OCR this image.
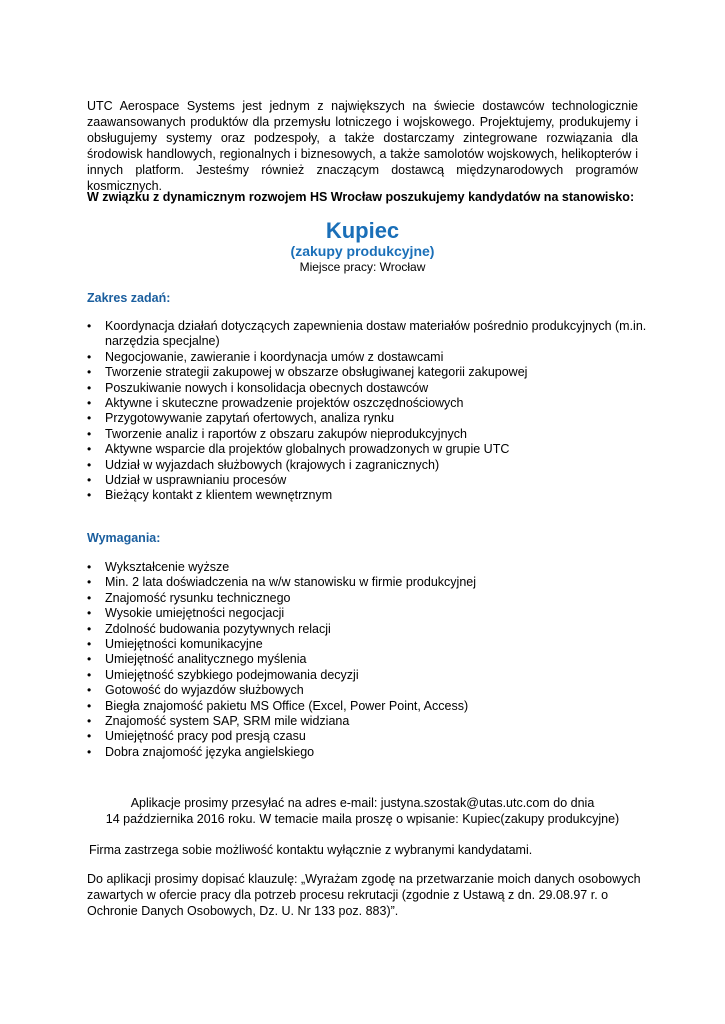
UTC Aerospace Systems jest jednym z największych na świecie dostawców technologicznie zaawansowanych produktów dla przemysłu lotniczego i wojskowego. Projektujemy, produkujemy i obsługujemy systemy oraz podzespoły, a także dostarczamy zintegrowane rozwiązania dla środowisk handlowych, regionalnych i biznesowych, a także samolotów wojskowych, helikopterów i innych platform. Jesteśmy również znaczącym dostawcą międzynarodowych programów kosmicznych.

W związku z dynamicznym rozwojem HS Wrocław poszukujemy kandydatów na stanowisko:

Kupiec
(zakupy produkcyjne)

Miejsce pracy: Wrocław

Zakres zadań:
•	Koordynacja działań dotyczących zapewnienia dostaw materiałów pośrednio produkcyjnych (m.in. narzędzia specjalne)
•	Negocjowanie, zawieranie i koordynacja umów z dostawcami
•	Tworzenie strategii zakupowej w obszarze obsługiwanej kategorii zakupowej
•	Poszukiwanie nowych i konsolidacja obecnych dostawców
•	Aktywne i skuteczne prowadzenie projektów oszczędnościowych
•	Przygotowywanie zapytań ofertowych, analiza rynku
•	Tworzenie analiz i raportów z obszaru zakupów nieprodukcyjnych
•	Aktywne wsparcie dla projektów globalnych prowadzonych w grupie UTC
•	Udział w wyjazdach służbowych (krajowych i zagranicznych)
•	Udział w usprawnianiu procesów
•	Bieżący kontakt z klientem wewnętrznym
Wymagania:
•	Wykształcenie wyższe
•	Min. 2 lata doświadczenia na w/w stanowisku w firmie produkcyjnej
•	Znajomość rysunku technicznego
•	Wysokie umiejętności negocjacji
•	Zdolność budowania pozytywnych relacji
•	Umiejętności komunikacyjne
•	Umiejętność analitycznego myślenia
•	Umiejętność szybkiego podejmowania decyzji
•	Gotowość do wyjazdów służbowych
•	Biegła znajomość pakietu MS Office (Excel, Power Point, Access)
•	Znajomość system SAP, SRM mile widziana
•	Umiejętność pracy pod presją czasu
•	Dobra znajomość języka angielskiego
Aplikacje prosimy przesyłać na adres e-mail: justyna.szostak@utas.utc.com do dnia
14 października 2016 roku. W temacie maila proszę o wpisanie: Kupiec(zakupy produkcyjne)

Firma zastrzega sobie możliwość kontaktu wyłącznie z wybranymi kandydatami.

Do aplikacji prosimy dopisać klauzulę: „Wyrażam zgodę na przetwarzanie moich danych osobowych zawartych w ofercie pracy dla potrzeb procesu rekrutacji (zgodnie z Ustawą z dn. 29.08.97 r. o Ochronie Danych Osobowych, Dz. U. Nr 133 poz. 883)”.
